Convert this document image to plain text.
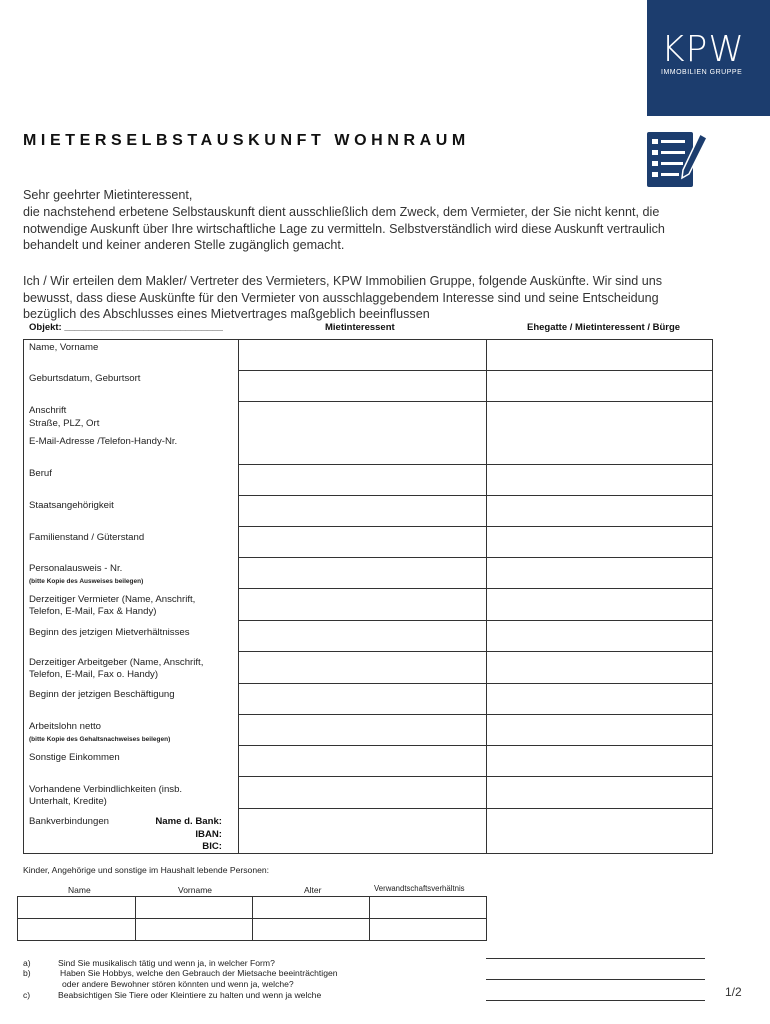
KPW
IMMOBILIEN GRUPPE
MIETERSELBSTAUSKUNFT WOHNRAUM
Sehr geehrter Mietinteressent,
die nachstehend erbetene Selbstauskunft dient ausschließlich dem Zweck, dem Vermieter, der Sie nicht kennt, die notwendige Auskunft über Ihre wirtschaftliche Lage zu vermitteln. Selbstverständlich wird diese Auskunft vertraulich behandelt und keiner anderen Stelle zugänglich gemacht.
Ich / Wir erteilen dem Makler/ Vertreter des Vermieters, KPW Immobilien Gruppe, folgende Auskünfte. Wir sind uns bewusst, dass diese Auskünfte für den Vermieter von ausschlaggebendem Interesse sind und seine Entscheidung bezüglich des Abschlusses eines Mietvertrages maßgeblich beeinflussen
Objekt: ______________________________	Mietinteressent	Ehegatte / Mietinteressent / Bürge
Name, Vorname
Geburtsdatum, Geburtsort
Anschrift
Straße, PLZ, Ort
E-Mail-Adresse /Telefon-Handy-Nr.
Beruf
Staatsangehörigkeit
Familienstand / Güterstand
Personalausweis - Nr.
(bitte Kopie des Ausweises beilegen)
Derzeitiger Vermieter (Name, Anschrift,
Telefon, E-Mail, Fax & Handy)
Beginn des jetzigen Mietverhältnisses
Derzeitiger Arbeitgeber (Name, Anschrift,
Telefon, E-Mail, Fax o. Handy)
Beginn der jetzigen Beschäftigung
Arbeitslohn netto
(bitte Kopie des Gehaltsnachweises beilegen)
Sonstige Einkommen
Vorhandene Verbindlichkeiten (insb.
Unterhalt, Kredite)
Bankverbindungen	Name d. Bank:
IBAN:
BIC:
Kinder, Angehörige und sonstige im Haushalt lebende Personen:
Name	Vorname	Alter	Verwandtschaftsverhältnis
a)	Sind Sie musikalisch tätig und wenn ja, in welcher Form?
b)	Haben Sie Hobbys, welche den Gebrauch der Mietsache beeinträchtigen
oder andere Bewohner stören könnten und wenn ja, welche?
c)	Beabsichtigen Sie Tiere oder Kleintiere zu halten und wenn ja welche	1/2
